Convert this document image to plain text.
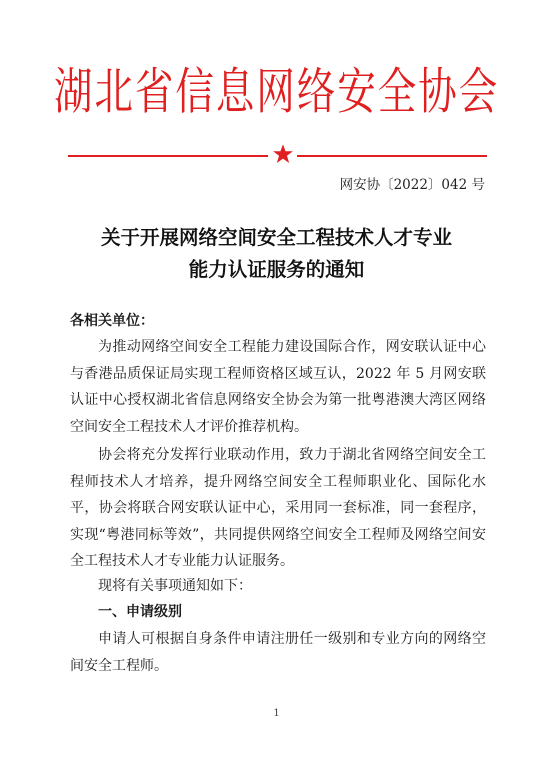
湖北省信息网络安全协会
网安协〔2022〕042 号
关于开展网络空间安全工程技术人才专业
能力认证服务的通知
各相关单位：

为推动网络空间安全工程能力建设国际合作，网安联认证中心与香港品质保证局实现工程师资格区域互认，2022 年 5 月网安联认证中心授权湖北省信息网络安全协会为第一批粤港澳大湾区网络空间安全工程技术人才评价推荐机构。

协会将充分发挥行业联动作用，致力于湖北省网络空间安全工程师技术人才培养，提升网络空间安全工程师职业化、国际化水平，协会将联合网安联认证中心，采用同一套标准，同一套程序，实现“粤港同标等效”，共同提供网络空间安全工程师及网络空间安全工程技术人才专业能力认证服务。

现将有关事项通知如下：

一、申请级别

申请人可根据自身条件申请注册任一级别和专业方向的网络空间安全工程师。

1
